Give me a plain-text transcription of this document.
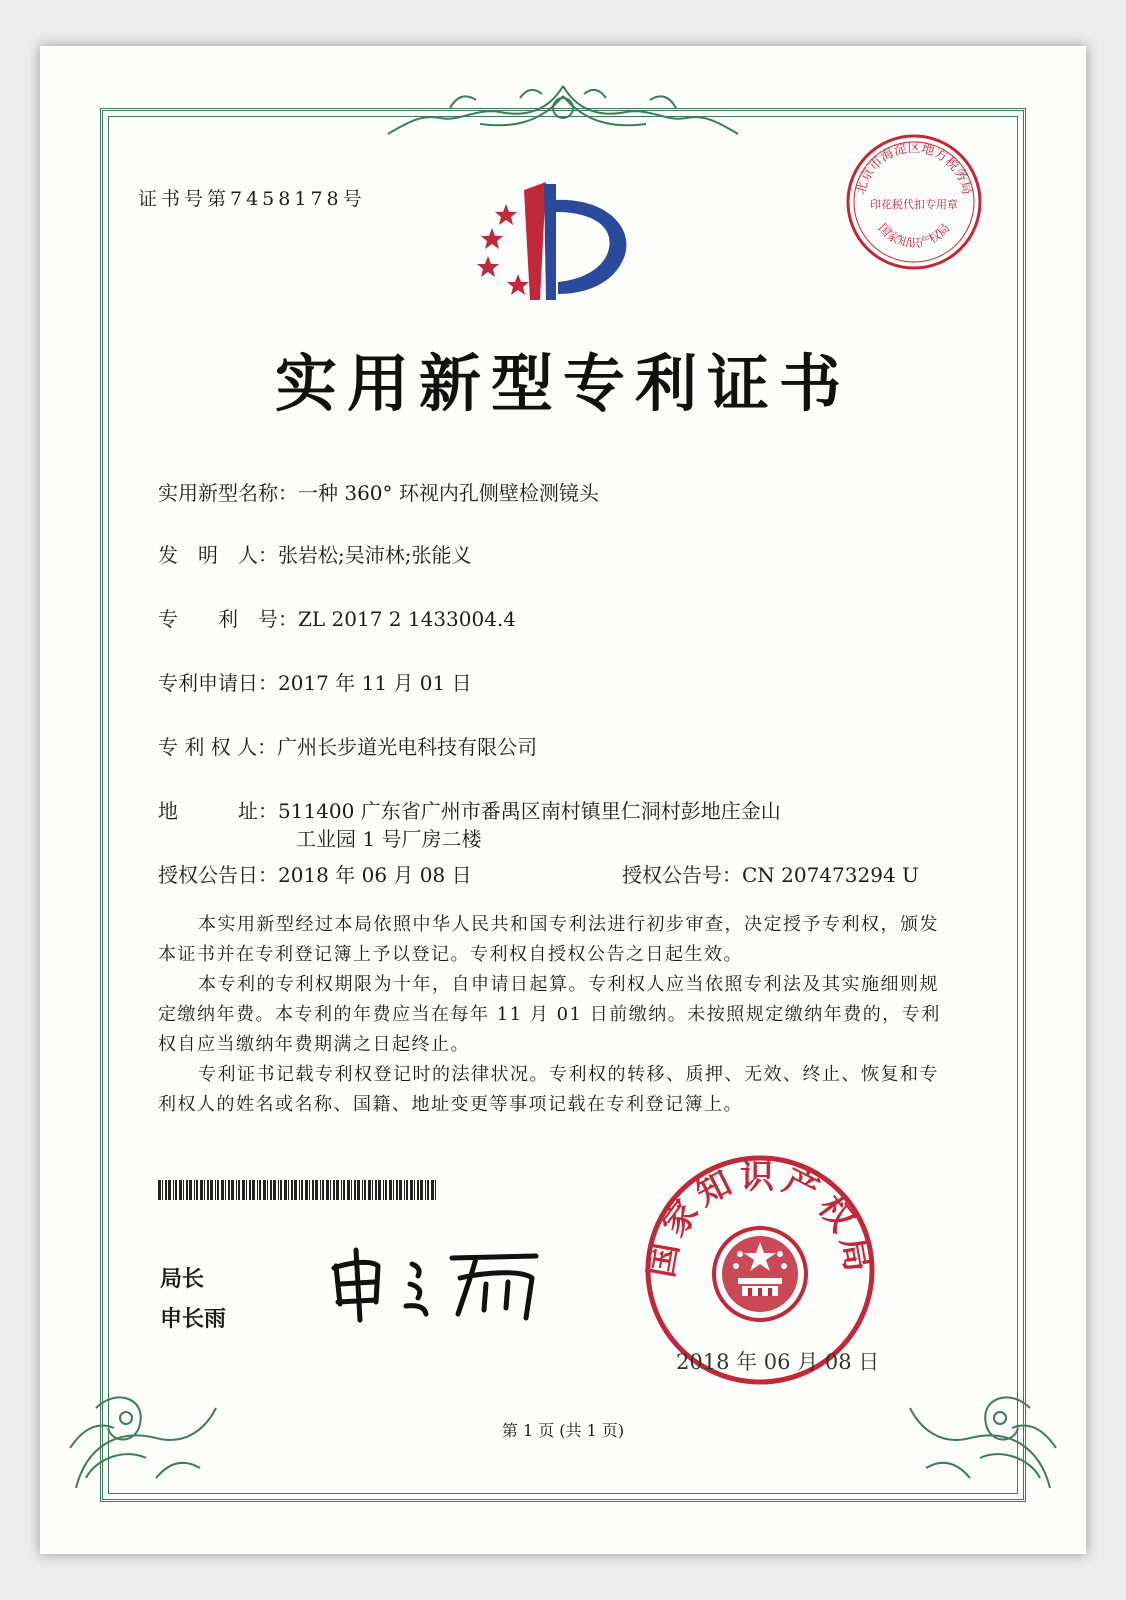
证书号第7458178号
北京市海淀区地方税务局
国家知识产权局
印花税代扣专用章
实用新型专利证书
实用新型名称：一种 360° 环视内孔侧壁检测镜头
发　明　人：张岩松;吴沛林;张能义
专　　利　号：ZL 2017 2 1433004.4
专利申请日：2017 年 11 月 01 日
专 利 权 人：广州长步道光电科技有限公司
地　　　址：511400 广东省广州市番禺区南村镇里仁洞村彭地庄金山
工业园 1 号厂房二楼
授权公告日：2018 年 06 月 08 日	授权公告号：CN 207473294 U

本实用新型经过本局依照中华人民共和国专利法进行初步审查，决定授予专利权，颁发本证书并在专利登记簿上予以登记。专利权自授权公告之日起生效。

本专利的专利权期限为十年，自申请日起算。专利权人应当依照专利法及其实施细则规定缴纳年费。本专利的年费应当在每年 11 月 01 日前缴纳。未按照规定缴纳年费的，专利权自应当缴纳年费期满之日起终止。

专利证书记载专利权登记时的法律状况。专利权的转移、质押、无效、终止、恢复和专利权人的姓名或名称、国籍、地址变更等事项记载在专利登记簿上。

局长
申长雨
国家知识产权局
2018 年 06 月 08 日
第 1 页 (共 1 页)
